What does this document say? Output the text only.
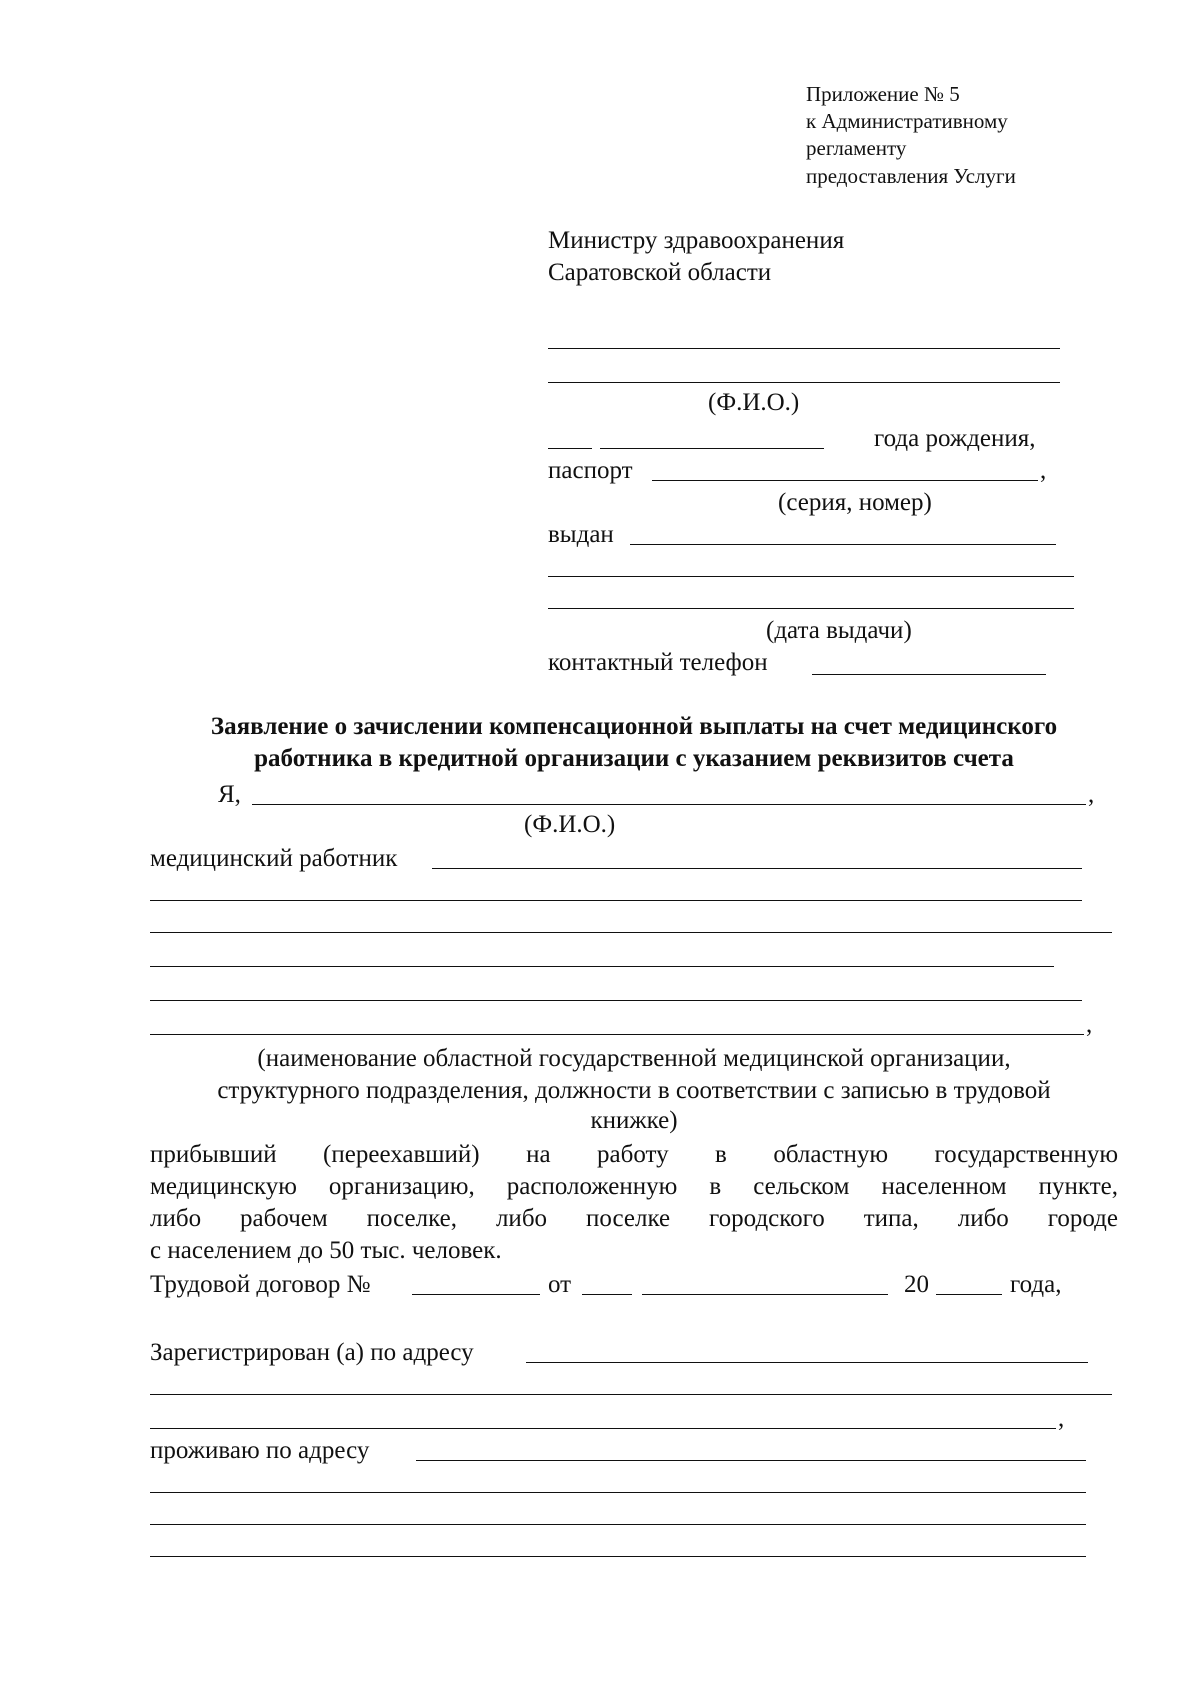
Приложение № 5
к Административному
регламенту
предоставления Услуги
Министру здравоохранения
Саратовской области
(Ф.И.О.)
года рождения,
паспорт	,
(серия, номер)
выдан
(дата выдачи)
контактный телефон
Заявление о зачислении компенсационной выплаты на счет медицинского
работника в кредитной организации с указанием реквизитов счета
Я,	,
(Ф.И.О.)
медицинский работник
,
(наименование областной государственной медицинской организации,
структурного подразделения, должности в соответствии с записью в трудовой
книжке)
прибывший (переехавший) на работу в областную государственную
медицинскую организацию, расположенную в сельском населенном пункте,
либо рабочем поселке, либо поселке городского типа, либо городе
с населением до 50 тыс. человек.
Трудовой договор №	от	20	года,
Зарегистрирован (а) по адресу
,
проживаю по адресу
